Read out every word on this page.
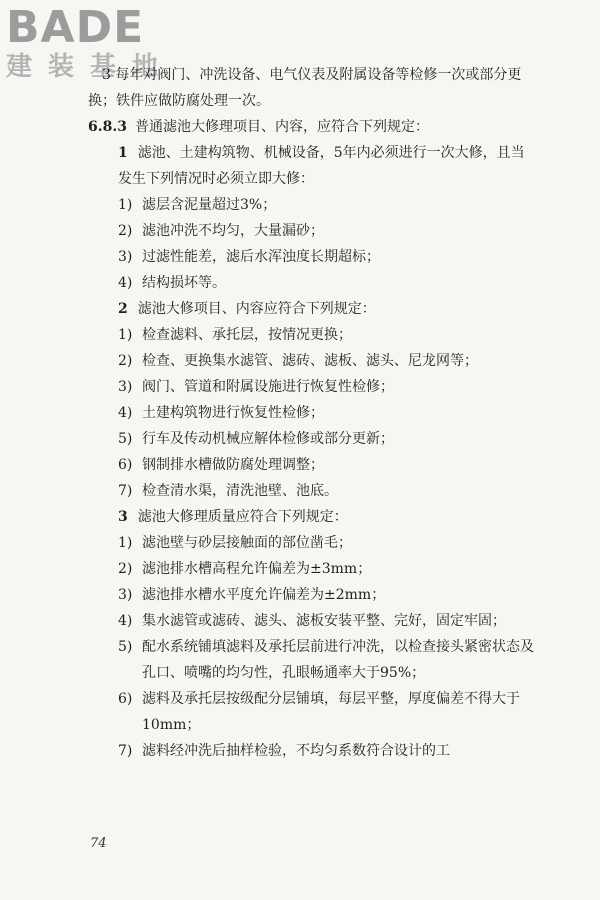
BADE
建装基地
3 每年对阀门、冲洗设备、电气仪表及附属设备等检修一次或部分更换；铁件应做防腐处理一次。
6.8.3 普通滤池大修理项目、内容，应符合下列规定：
1 滤池、土建构筑物、机械设备，5年内必须进行一次大修，且当发生下列情况时必须立即大修：
1) 滤层含泥量超过3%；
2) 滤池冲洗不均匀，大量漏砂；
3) 过滤性能差，滤后水浑浊度长期超标；
4) 结构损坏等。
2 滤池大修项目、内容应符合下列规定：
1) 检查滤料、承托层，按情况更换；
2) 检查、更换集水滤管、滤砖、滤板、滤头、尼龙网等；
3) 阀门、管道和附属设施进行恢复性检修；
4) 土建构筑物进行恢复性检修；
5) 行车及传动机械应解体检修或部分更新；
6) 钢制排水槽做防腐处理调整；
7) 检查清水渠，清洗池壁、池底。
3 滤池大修理质量应符合下列规定：
1) 滤池壁与砂层接触面的部位凿毛；
2) 滤池排水槽高程允许偏差为±3mm；
3) 滤池排水槽水平度允许偏差为±2mm；
4) 集水滤管或滤砖、滤头、滤板安装平整、完好，固定牢固；
5) 配水系统铺填滤料及承托层前进行冲洗，以检查接头紧密状态及孔口、喷嘴的均匀性，孔眼畅通率大于95%；
6) 滤料及承托层按级配分层铺填，每层平整，厚度偏差不得大于10mm；
7) 滤料经冲洗后抽样检验，不均匀系数符合设计的工
74
